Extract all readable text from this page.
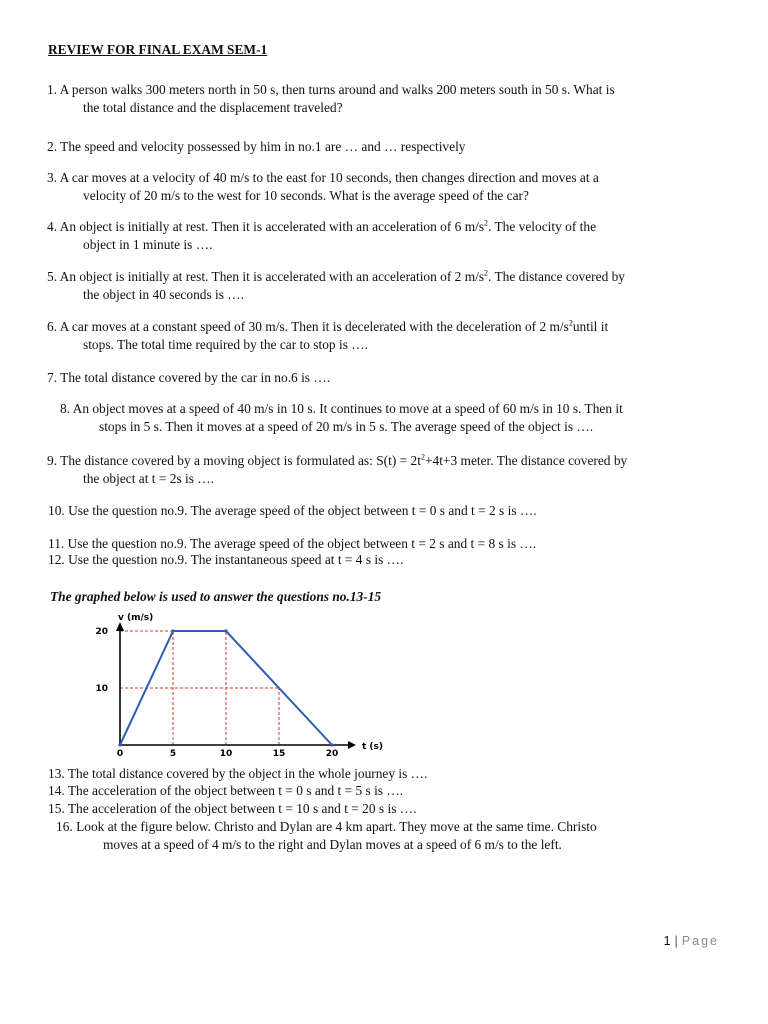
REVIEW FOR FINAL EXAM SEM-1
1. A person walks 300 meters north in 50 s, then turns around and walks 200 meters south in 50 s. What is
the total distance and the displacement traveled?
2. The speed and velocity possessed by him in no.1 are … and … respectively
3. A car moves at a velocity of 40 m/s to the east for 10 seconds, then changes direction and moves at a
velocity of 20 m/s to the west for 10 seconds. What is the average speed of the car?
4. An object is initially at rest. Then it is accelerated with an acceleration of 6 $m/s^2$. The velocity of the
object in 1 minute is ….
5. An object is initially at rest. Then it is accelerated with an acceleration of 2 $m/s^2$. The distance covered by
the object in 40 seconds is ….
6. A car moves at a constant speed of 30 m/s. Then it is decelerated with the deceleration of 2 $m/s^2until$ it
stops. The total time required by the car to stop is ….
7. The total distance covered by the car in no.6 is ….
8. An object moves at a speed of 40 m/s in 10 s. It continues to move at a speed of 60 m/s in 10 s. Then it
stops in 5 s. Then it moves at a speed of 20 m/s in 5 s. The average speed of the object is ….
9. The distance covered by a moving object is formulated as: $S(t) = 2t^2+4t+3$ meter. The distance covered by
the object at t = 2s is ….
10. Use the question no.9. The average speed of the object between t = 0 s and t = 2 s is ….
11. Use the question no.9. The average speed of the object between t = 2 s and t = 8 s is ….
12. Use the question no.9. The instantaneous speed at t = 4 s is ….
The graphed below is used to answer the questions no.13-15
0	5	10	15	20
10
20
v (m/s)
t (s)
13. The total distance covered by the object in the whole journey is ….
14. The acceleration of the object between t = 0 s and t = 5 s is ….
15. The acceleration of the object between t = 10 s and t = 20 s is ….
16. Look at the figure below. Christo and Dylan are 4 km apart. They move at the same time. Christo
moves at a speed of 4 m/s to the right and Dylan moves at a speed of 6 m/s to the left.
1 | Page
